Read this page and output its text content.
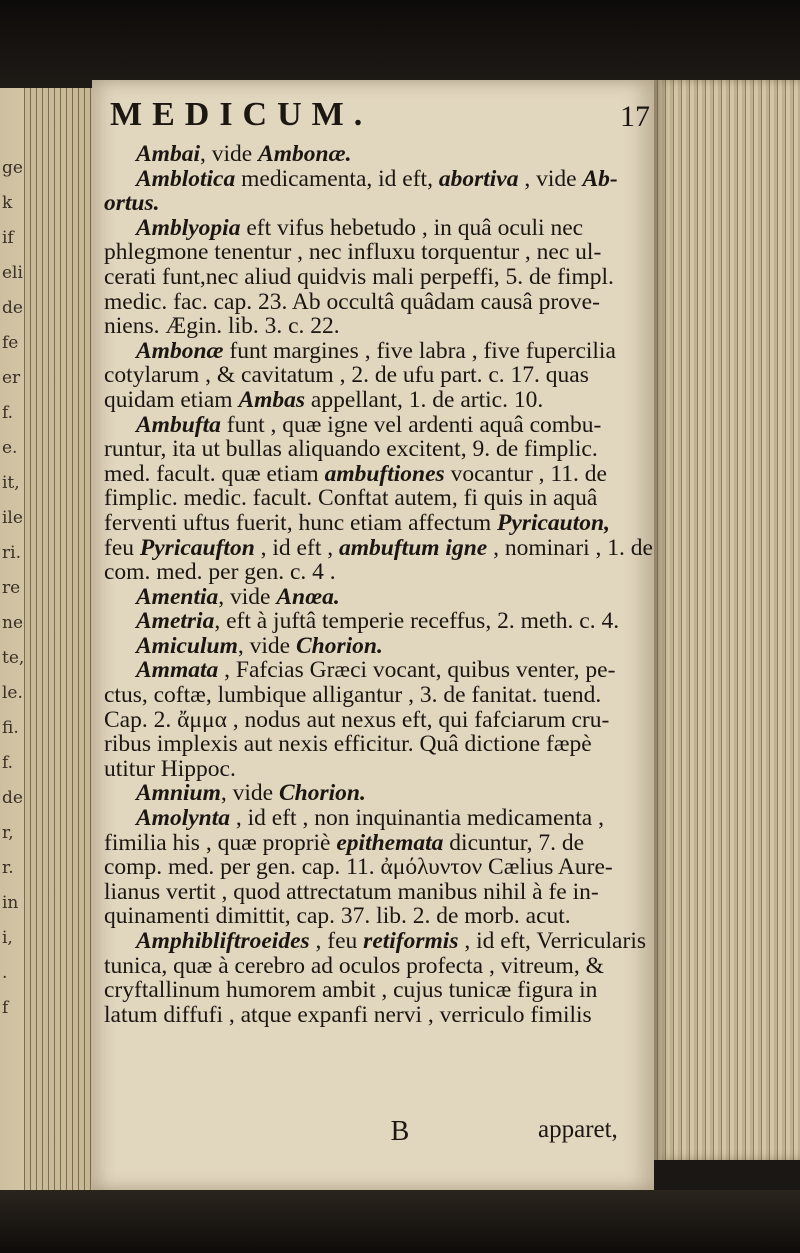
ge
k
if
eli
de
fe
er
f.
e.
it,
ile
ri.
re
ne
te,
le.
fi.
f.
de
r,
r.
in
i,
.
f
MEDICUM.	17
Ambai, vide Ambonæ.
Amblotica medicamenta, id eft, abortiva , vide Ab-
ortus.
Amblyopia eft vifus hebetudo , in quâ oculi nec
phlegmone tenentur , nec influxu torquentur , nec ul-
cerati funt,nec aliud quidvis mali perpeffi, 5. de fimpl.
medic. fac. cap. 23. Ab occultâ quâdam causâ prove-
niens. Ægin. lib. 3. c. 22.
Ambonæ funt margines , five labra , five fupercilia
cotylarum , & cavitatum , 2. de ufu part. c. 17. quas
quidam etiam Ambas appellant, 1. de artic. 10.
Ambufta funt , quæ igne vel ardenti aquâ combu-
runtur, ita ut bullas aliquando excitent, 9. de fimplic.
med. facult. quæ etiam ambuftiones vocantur , 11. de
fimplic. medic. facult. Conftat autem, fi quis in aquâ
ferventi uftus fuerit, hunc etiam affectum Pyricauton,
feu Pyricaufton , id eft , ambuftum igne , nominari , 1. de
com. med. per gen. c. 4 .
Amentia, vide Anœa.
Ametria, eft à juftâ temperie receffus, 2. meth. c. 4.
Amiculum, vide Chorion.
Ammata , Fafcias Græci vocant, quibus venter, pe-
ctus, coftæ, lumbique alligantur , 3. de fanitat. tuend.
Cap. 2. ἄμμα , nodus aut nexus eft, qui fafciarum cru-
ribus implexis aut nexis efficitur. Quâ dictione fæpè
utitur Hippoc.
Amnium, vide Chorion.
Amolynta , id eft , non inquinantia medicamenta ,
fimilia his , quæ propriè epithemata dicuntur, 7. de
comp. med. per gen. cap. 11. ἀμόλυντον Cælius Aure-
lianus vertit , quod attrectatum manibus nihil à fe in-
quinamenti dimittit, cap. 37. lib. 2. de morb. acut.
Amphibliftroeides , feu retiformis , id eft, Verricularis
tunica, quæ à cerebro ad oculos profecta , vitreum, &
cryftallinum humorem ambit , cujus tunicæ figura in
latum diffufi , atque expanfi nervi , verriculo fimilis
B	apparet,
